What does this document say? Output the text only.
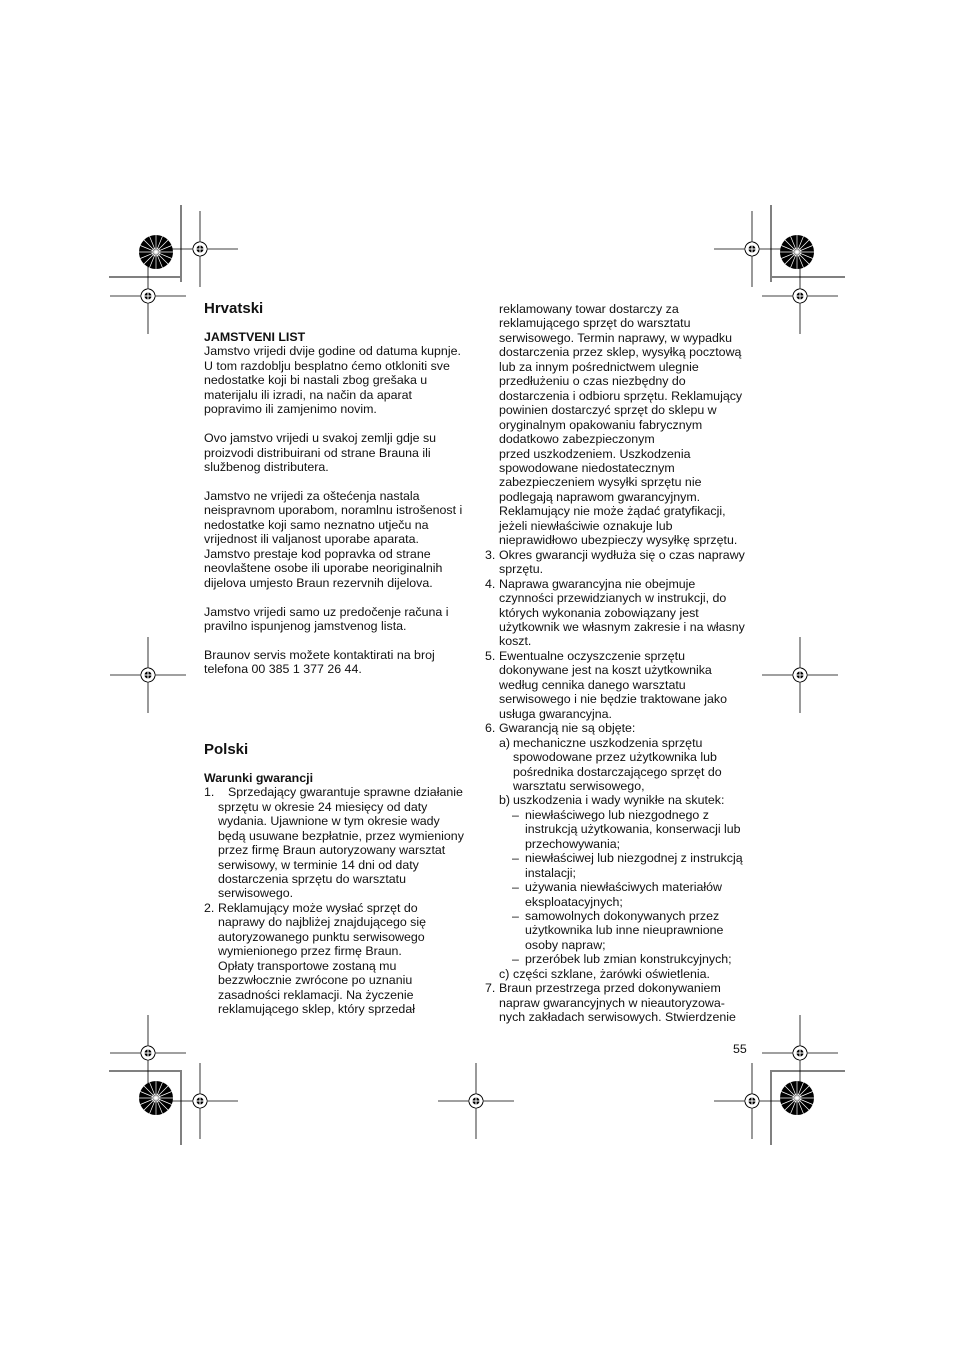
Hrvatski
JAMSTVENI LIST

Jamstvo vrijedi dvije godine od datuma kupnje.
U tom razdoblju besplatno ćemo otkloniti sve
nedostatke koji bi nastali zbog grešaka u
materijalu ili izradi, na način da aparat
popravimo ili zamjenimo novim.

Ovo jamstvo vrijedi u svakoj zemlji gdje su
proizvodi distribuirani od strane Brauna ili
službenog distributera.

Jamstvo ne vrijedi za oštećenja nastala
neispravnom uporabom, noramlnu istrošenost i
nedostatke koji samo neznatno utječu na
vrijednost ili valjanost uporabe aparata.
Jamstvo prestaje kod popravka od strane
neovlaštene osobe ili uporabe neoriginalnih
dijelova umjesto Braun rezervnih dijelova.

Jamstvo vrijedi samo uz predočenje računa i
pravilno ispunjenog jamstvenog lista.

Braunov servis možete kontaktirati na broj
telefona 00 385 1 377 26 44.

Polski
Warunki gwarancji
1. Sprzedający gwarantuje sprawne działanie
sprzętu w okresie 24 miesięcy od daty
wydania. Ujawnione w tym okresie wady
będą usuwane bezpłatnie, przez wymieniony
przez firmę Braun autoryzowany warsztat
serwisowy, w terminie 14 dni od daty
dostarczenia sprzętu do warsztatu
serwisowego.
2. Reklamujący może wysłać sprzęt do
naprawy do najbliżej znajdującego się
autoryzowanego punktu serwisowego
wymienionego przez firmę Braun.
Opłaty transportowe zostaną mu
bezzwłocznie zwrócone po uznaniu
zasadności reklamacji. Na życzenie
reklamującego sklep, który sprzedał
reklamowany towar dostarczy za
reklamującego sprzęt do warsztatu
serwisowego. Termin naprawy, w wypadku
dostarczenia przez sklep, wysyłką pocztową
lub za innym pośrednictwem ulegnie
przedłużeniu o czas niezbędny do
dostarczenia i odbioru sprzętu. Reklamujący
powinien dostarczyć sprzęt do sklepu w
oryginalnym opakowaniu fabrycznym
dodatkowo zabezpieczonym
przed uszkodzeniem. Uszkodzenia
spowodowane niedostatecznym
zabezpieczeniem wysyłki sprzętu nie
podlegają naprawom gwarancyjnym.
Reklamujący nie może żądać gratyfikacji,
jeżeli niewłaściwie oznakuje lub
nieprawidłowo ubezpieczy wysyłkę sprzętu.
3. Okres gwarancji wydłuża się o czas naprawy
sprzętu.
4. Naprawa gwarancyjna nie obejmuje
czynności przewidzianych w instrukcji, do
których wykonania zobowiązany jest
użytkownik we własnym zakresie i na własny
koszt.
5. Ewentualne oczyszczenie sprzętu
dokonywane jest na koszt użytkownika
według cennika danego warsztatu
serwisowego i nie będzie traktowane jako
usługa gwarancyjna.
6. Gwarancją nie są objęte:
a) mechaniczne uszkodzenia sprzętu
spowodowane przez użytkownika lub
pośrednika dostarczającego sprzęt do
warsztatu serwisowego,
b) uszkodzenia i wady wynikłe na skutek:
– niewłaściwego lub niezgodnego z
instrukcją użytkowania, konserwacji lub
przechowywania;
– niewłaściwej lub niezgodnej z instrukcją
instalacji;
– używania niewłaściwych materiałów
eksploatacyjnych;
– samowolnych dokonywanych przez
użytkownika lub inne nieuprawnione
osoby napraw;
– przeróbek lub zmian konstrukcyjnych;
c) części szklane, żarówki oświetlenia.
7. Braun przestrzega przed dokonywaniem
napraw gwarancyjnych w nieautoryzowa-
nych zakładach serwisowych. Stwierdzenie
55
